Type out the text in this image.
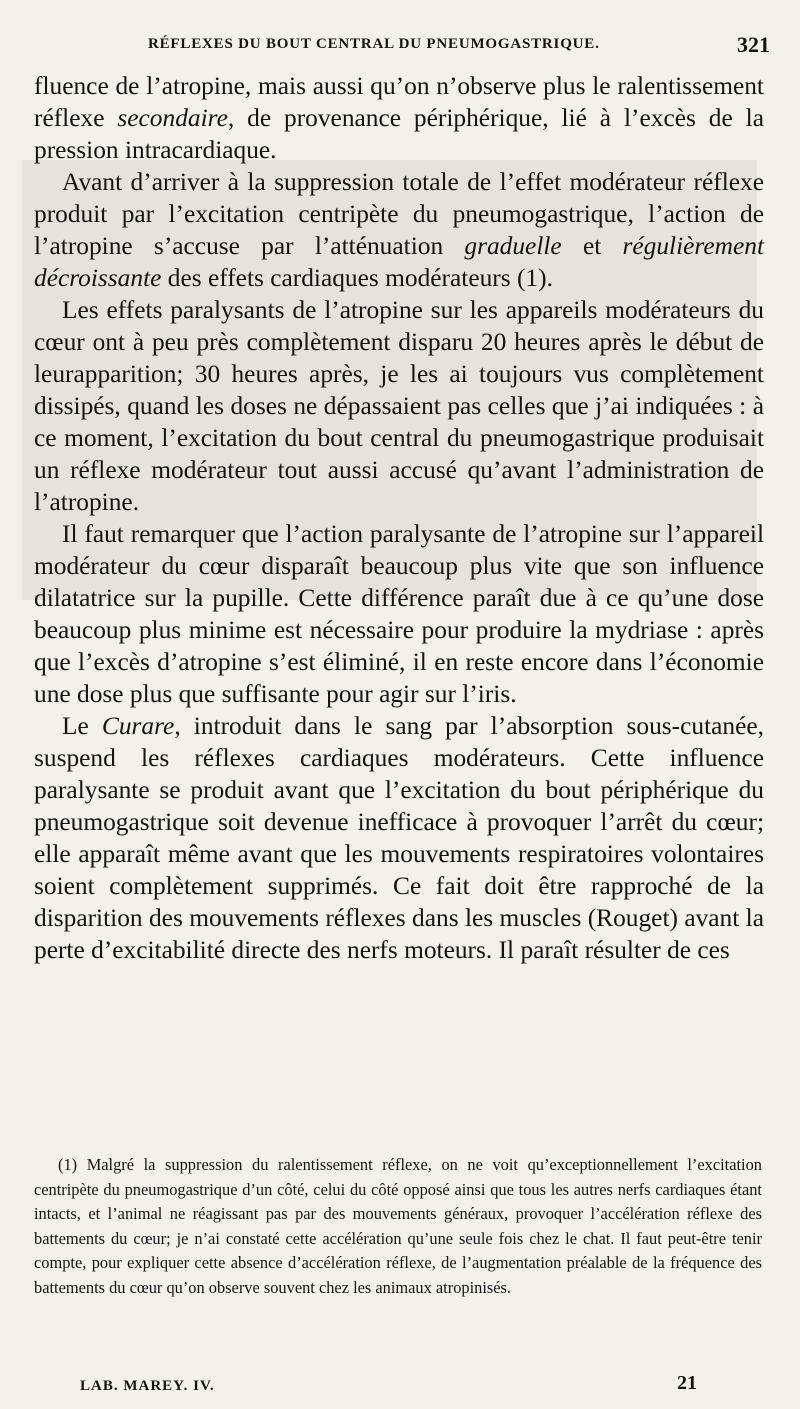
RÉFLEXES DU BOUT CENTRAL DU PNEUMOGASTRIQUE.	321

fluence de l’atropine, mais aussi qu’on n’observe plus le ralentissement réflexe secondaire, de provenance périphérique, lié à l’excès de la pression intracardiaque.

Avant d’arriver à la suppression totale de l’effet modérateur réflexe produit par l’excitation centripète du pneumogastrique, l’action de l’atropine s’accuse par l’atténuation graduelle et régulièrement décroissante des effets cardiaques modérateurs (1).

Les effets paralysants de l’atropine sur les appareils modérateurs du cœur ont à peu près complètement disparu 20 heures après le début de leurapparition; 30 heures après, je les ai toujours vus complètement dissipés, quand les doses ne dépassaient pas celles que j’ai indiquées : à ce moment, l’excitation du bout central du pneumogastrique produisait un réflexe modérateur tout aussi accusé qu’avant l’administration de l’atropine.

Il faut remarquer que l’action paralysante de l’atropine sur l’appareil modérateur du cœur disparaît beaucoup plus vite que son influence dilatatrice sur la pupille. Cette différence paraît due à ce qu’une dose beaucoup plus minime est nécessaire pour produire la mydriase : après que l’excès d’atropine s’est éliminé, il en reste encore dans l’économie une dose plus que suffisante pour agir sur l’iris.

Le Curare, introduit dans le sang par l’absorption sous-cutanée, suspend les réflexes cardiaques modérateurs. Cette influence paralysante se produit avant que l’excitation du bout périphérique du pneumogastrique soit devenue inefficace à provoquer l’arrêt du cœur; elle apparaît même avant que les mouvements respiratoires volontaires soient complètement supprimés. Ce fait doit être rapproché de la disparition des mouvements réflexes dans les muscles (Rouget) avant la perte d’excitabilité directe des nerfs moteurs. Il paraît résulter de ces

(1) Malgré la suppression du ralentissement réflexe, on ne voit qu’exceptionnellement l’excitation centripète du pneumogastrique d’un côté, celui du côté opposé ainsi que tous les autres nerfs cardiaques étant intacts, et l’animal ne réagissant pas par des mouvements généraux, provoquer l’accélération réflexe des battements du cœur; je n’ai constaté cette accélération qu’une seule fois chez le chat. Il faut peut-être tenir compte, pour expliquer cette absence d’accélération réflexe, de l’augmentation préalable de la fréquence des battements du cœur qu’on observe souvent chez les animaux atropinisés.

LAB. MAREY. IV.	21
